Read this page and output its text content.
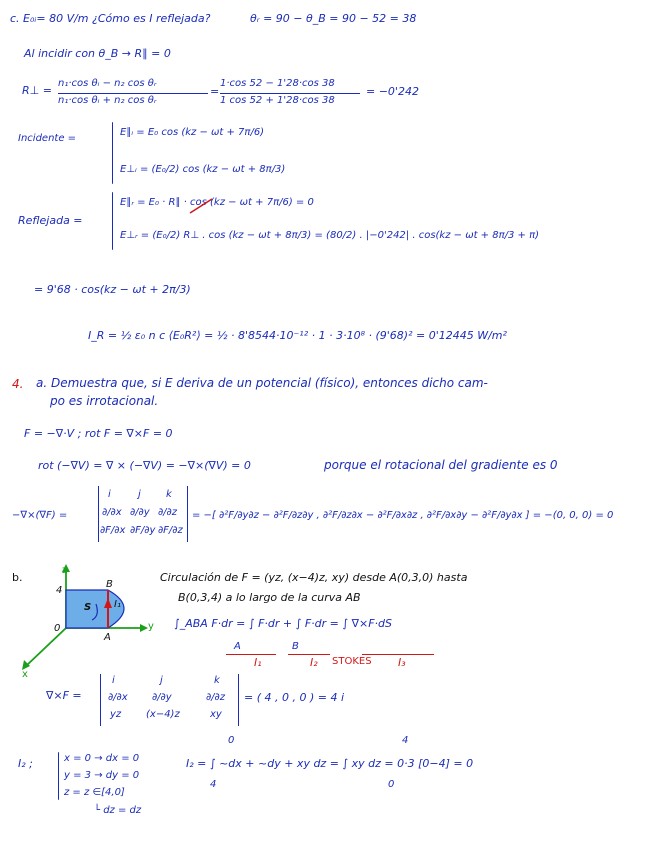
c. E₀ᵢ= 80 V/m ¿Cómo es I reflejada?	θᵣ = 90 − θ_B = 90 − 52 = 38
Al incidir con θ_B → R∥ = 0
R⊥ =
n₁·cos θᵢ − n₂ cos θᵣ
n₁·cos θᵢ + n₂ cos θᵣ
=
1·cos 52 − 1'28·cos 38
1 cos 52 + 1'28·cos 38
= −0'242
Incidente =
E∥ᵢ = E₀ cos (kz − ωt + 7π/6)
E⊥ᵢ = (E₀/2) cos (kz − ωt + 8π/3)
Reflejada =
E∥ᵣ = E₀ · R∥ · cos (kz − ωt + 7π/6) = 0
E⊥ᵣ = (E₀/2) R⊥ . cos (kz − ωt + 8π/3) = (80/2) . |−0'242| . cos(kz − ωt + 8π/3 + π)
= 9'68 · cos(kz − ωt + 2π/3)
I_R = ½ ε₀ n c ⟨E₀R²⟩ = ½ · 8'8544·10⁻¹² · 1 · 3·10⁸ · (9'68)² = 0'12445 W/m²
4. a. Demuestra que, si E deriva de un potencial (físico), entonces dicho cam-
po es irrotacional.
F = −∇·V ; rot F = ∇×F = 0
rot (−∇V) = ∇ × (−∇V) = −∇×(∇V) = 0	porque el rotacional del gradiente es 0
−∇×(∇F) =
i	j	k
∂/∂x ∂/∂y ∂/∂z
∂F/∂x ∂F/∂y ∂F/∂z
= −[ ∂²F/∂y∂z − ∂²F/∂z∂y , ∂²F/∂z∂x − ∂²F/∂x∂z , ∂²F/∂x∂y − ∂²F/∂y∂x ] = −(0, 0, 0) = 0
b.	Circulación de F = (yz, (x−4)z, xy) desde A(0,3,0) hasta
B(0,3,4) a lo largo de la curva AB
z
y
x
0
A
B
4
S I₁
∫_ABA F·dr = ∫ F·dr + ∫ F·dr = ∫ ∇×F·dS
A	B
I₁	I₂ STOKES I₃
∇×F =
i	j	k
∂/∂x ∂/∂y	∂/∂z
yz (x−4)z	xy
= ( 4 , 0 , 0 ) = 4 i
I₂ ;	x = 0 → dx = 0
y = 3 → dy = 0
z = z ∈[4,0]
└ dz = dz
I₂ = ∫ ~dx + ~dy + xy dz = ∫ xy dz = 0·3 [0−4] = 0
0
4
4
0
